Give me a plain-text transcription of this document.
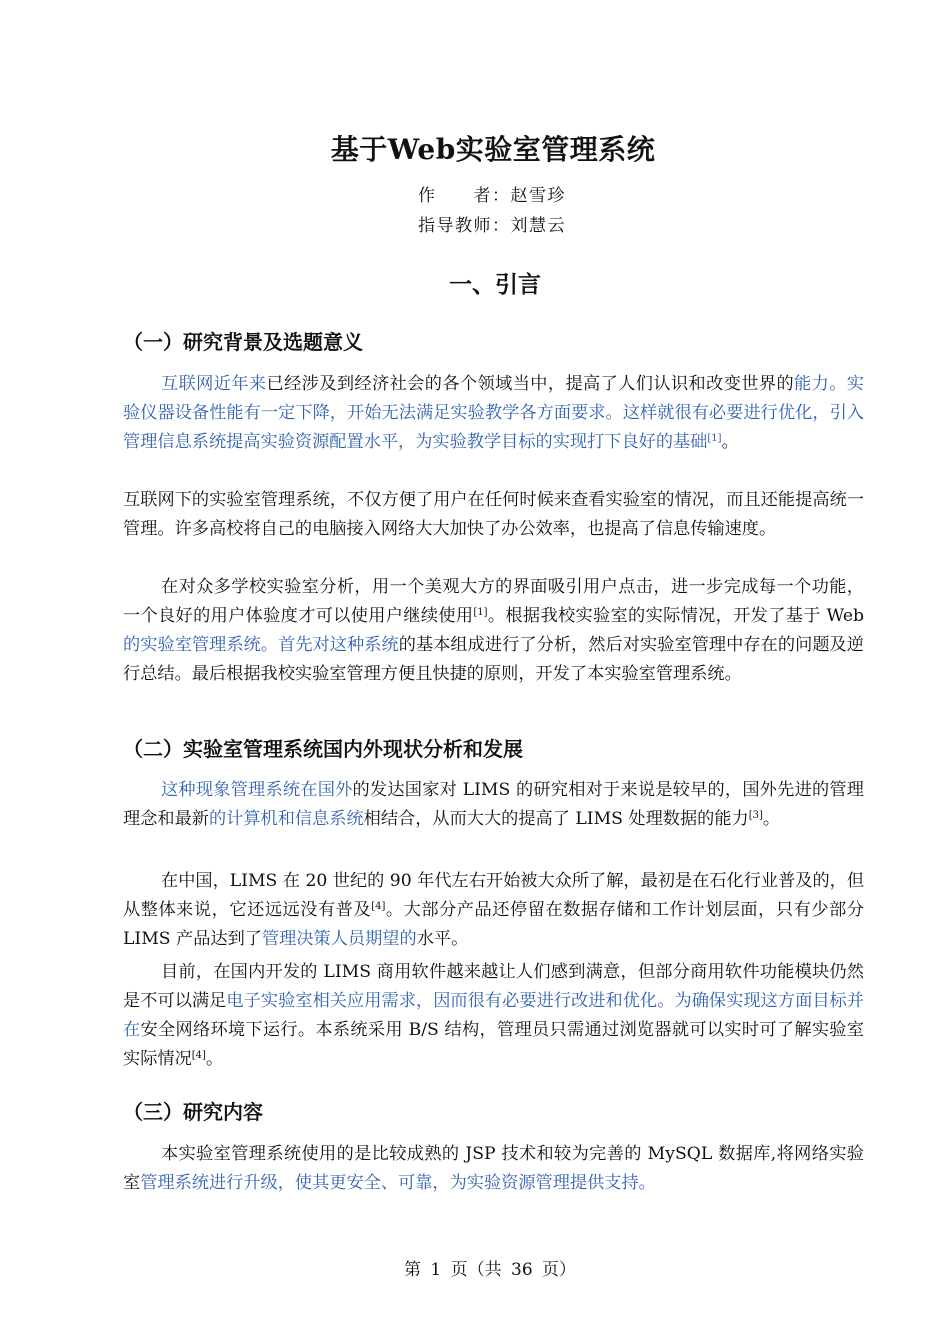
基于Web实验室管理系统
作　　者：赵雪珍
指导教师：刘慧云
一、引言
（一）研究背景及选题意义
互联网近年来已经涉及到经济社会的各个领域当中，提高了人们认识和改变世界的能力。实验仪器设备性能有一定下降，开始无法满足实验教学各方面要求。这样就很有必要进行优化，引入管理信息系统提高实验资源配置水平，为实验教学目标的实现打下良好的基础[1]。
互联网下的实验室管理系统，不仅方便了用户在任何时候来查看实验室的情况，而且还能提高统一管理。许多高校将自己的电脑接入网络大大加快了办公效率，也提高了信息传输速度。
在对众多学校实验室分析，用一个美观大方的界面吸引用户点击，进一步完成每一个功能，一个良好的用户体验度才可以使用户继续使用[1]。根据我校实验室的实际情况，开发了基于 Web 的实验室管理系统。首先对这种系统的基本组成进行了分析，然后对实验室管理中存在的问题及逆行总结。最后根据我校实验室管理方便且快捷的原则，开发了本实验室管理系统。
（二）实验室管理系统国内外现状分析和发展
这种现象管理系统在国外的发达国家对 LIMS 的研究相对于来说是较早的，国外先进的管理理念和最新的计算机和信息系统相结合，从而大大的提高了 LIMS 处理数据的能力[3]。
在中国，LIMS 在 20 世纪的 90 年代左右开始被大众所了解，最初是在石化行业普及的，但从整体来说，它还远远没有普及[4]。大部分产品还停留在数据存储和工作计划层面，只有少部分 LIMS 产品达到了管理决策人员期望的水平。
目前，在国内开发的 LIMS 商用软件越来越让人们感到满意，但部分商用软件功能模块仍然是不可以满足电子实验室相关应用需求，因而很有必要进行改进和优化。为确保实现这方面目标并在安全网络环境下运行。本系统采用 B/S 结构，管理员只需通过浏览器就可以实时可了解实验室实际情况[4]。
（三）研究内容
本实验室管理系统使用的是比较成熟的 JSP 技术和较为完善的 MySQL 数据库,将网络实验室管理系统进行升级，使其更安全、可靠，为实验资源管理提供支持。
第 1 页（共 36 页）
